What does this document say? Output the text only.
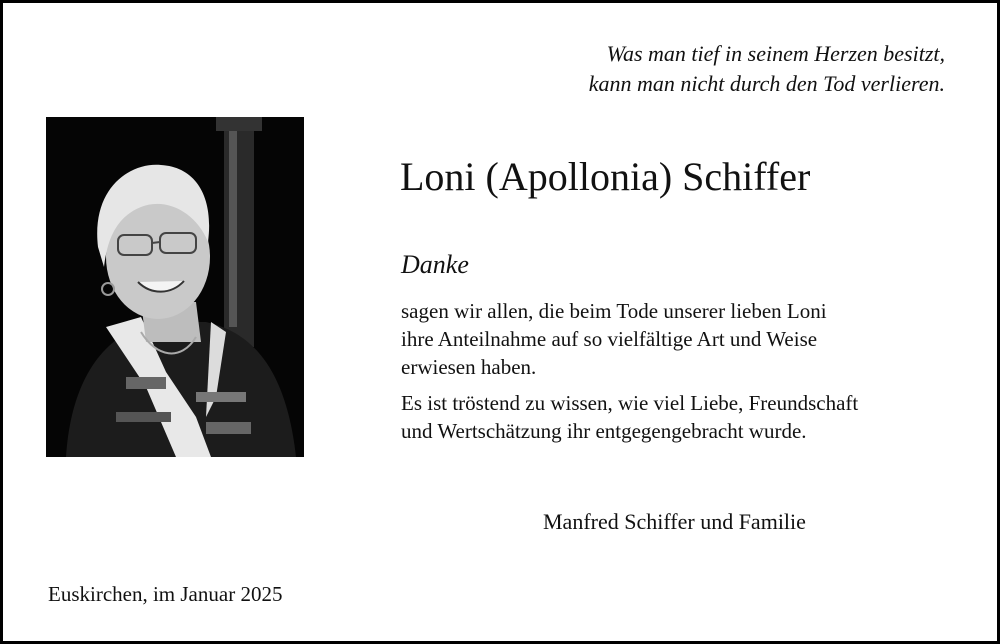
Was man tief in seinem Herzen besitzt,
kann man nicht durch den Tod verlieren.
Loni (Apollonia) Schiffer
Danke

sagen wir allen, die beim Tode unserer lieben Loni

ihre Anteilnahme auf so vielfältige Art und Weise

erwiesen haben.

Es ist tröstend zu wissen, wie viel Liebe, Freundschaft

und Wertschätzung ihr entgegengebracht wurde.

Manfred Schiffer und Familie
Euskirchen, im Januar 2025
